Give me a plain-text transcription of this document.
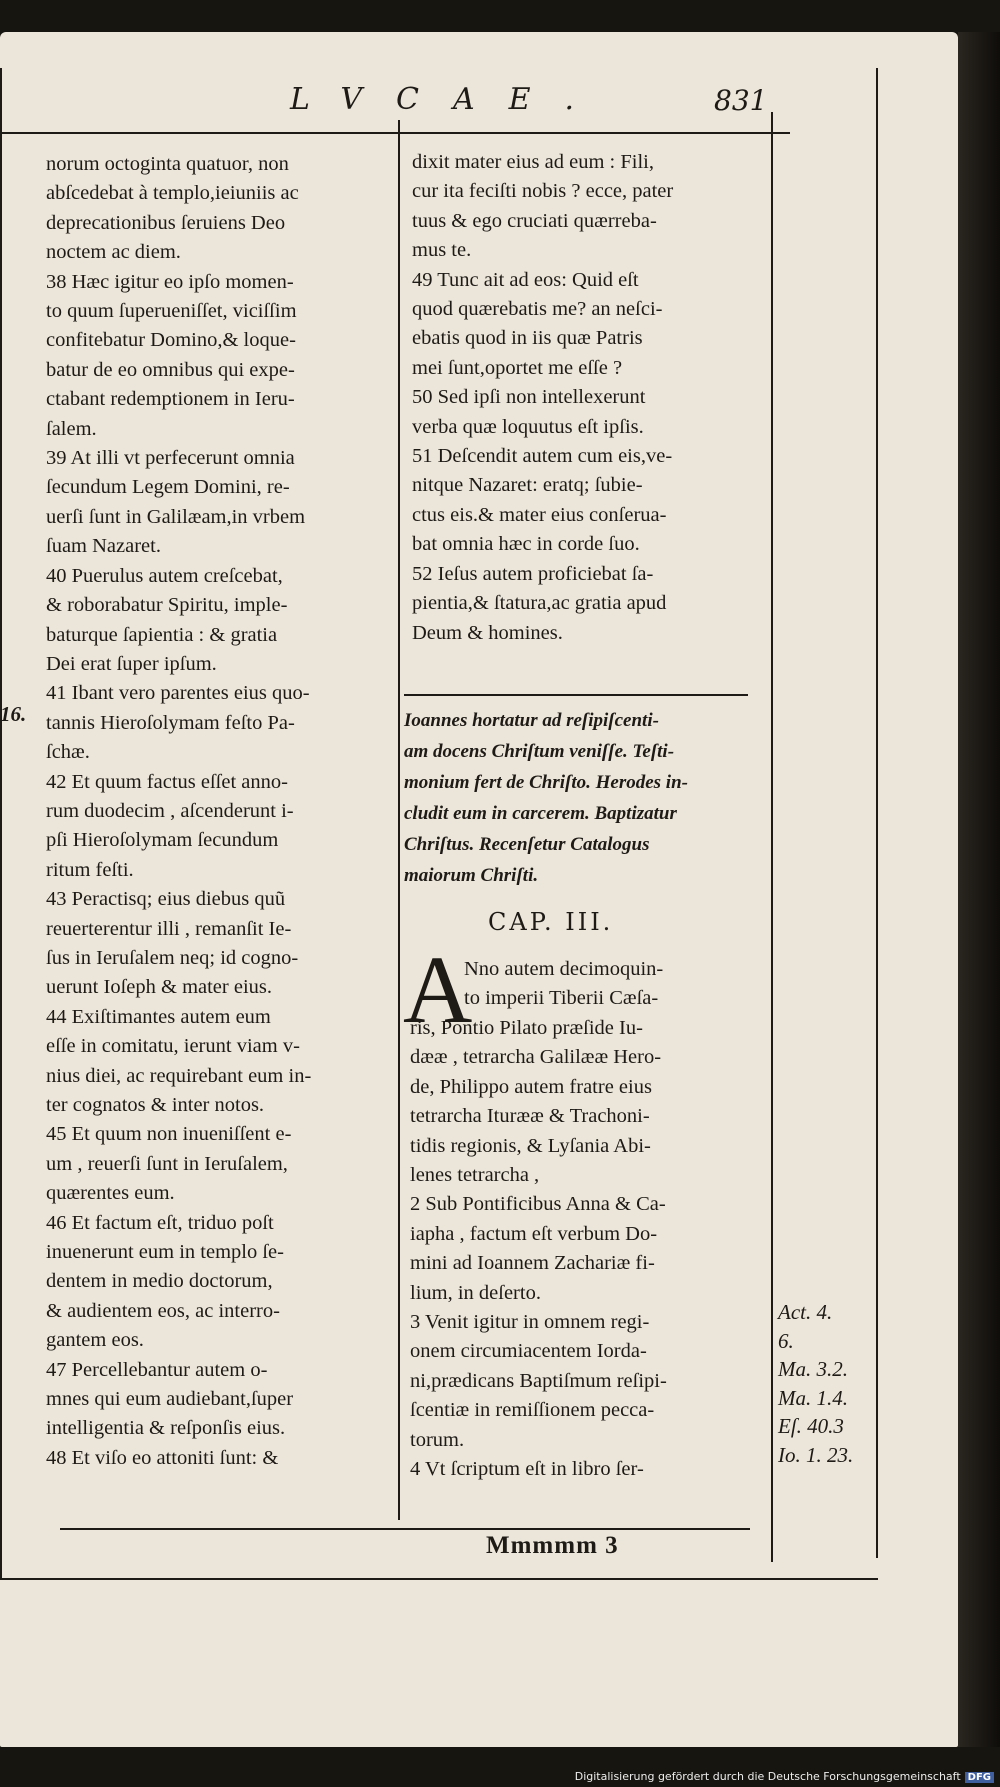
LVCAE.	831
16.

norum octoginta quatuor, non

abſcedebat à templo,ieiuniis ac

deprecationibus ſeruiens Deo

noctem ac diem.

38 Hæc igitur eo ipſo momen-

to quum ſuperueniſſet, viciſſim

confitebatur Domino,& loque-

batur de eo omnibus qui expe-

ctabant redemptionem in Ieru-

ſalem.

39 At illi vt perfecerunt omnia

ſecundum Legem Domini, re-

uerſi ſunt in Galilæam,in vrbem

ſuam Nazaret.

40 Puerulus autem creſcebat,

& roborabatur Spiritu, imple-

baturque ſapientia : & gratia

Dei erat ſuper ipſum.

41 Ibant vero parentes eius quo-

tannis Hieroſolymam feſto Pa-

ſchæ.

42 Et quum factus eſſet anno-

rum duodecim , aſcenderunt i-

pſi Hieroſolymam ſecundum

ritum feſti.

43 Peractisq; eius diebus quũ

reuerterentur illi , remanſit Ie-

ſus in Ieruſalem neq; id cogno-

uerunt Ioſeph & mater eius.

44 Exiſtimantes autem eum

eſſe in comitatu, ierunt viam v-

nius diei, ac requirebant eum in-

ter cognatos & inter notos.

45 Et quum non inueniſſent e-

um , reuerſi ſunt in Ieruſalem,

quærentes eum.

46 Et factum eſt, triduo poſt

inuenerunt eum in templo ſe-

dentem in medio doctorum,

& audientem eos, ac interro-

gantem eos.

47 Percellebantur autem o-

mnes qui eum audiebant,ſuper

intelligentia & reſponſis eius.

48 Et viſo eo attoniti ſunt: &

dixit mater eius ad eum : Fili,

cur ita feciſti nobis ? ecce, pater

tuus & ego cruciati quærreba-

mus te.

49 Tunc ait ad eos: Quid eſt

quod quærebatis me? an neſci-

ebatis quod in iis quæ Patris

mei ſunt,oportet me eſſe ?

50 Sed ipſi non intellexerunt

verba quæ loquutus eſt ipſis.

51 Deſcendit autem cum eis,ve-

nitque Nazaret: eratq; ſubie-

ctus eis.& mater eius conſerua-

bat omnia hæc in corde ſuo.

52 Ieſus autem proficiebat ſa-

pientia,& ſtatura,ac gratia apud

Deum & homines.

Ioannes hortatur ad reſipiſcenti-

am docens Chriſtum veniſſe. Teſti-

monium fert de Chriſto. Herodes in-

cludit eum in carcerem. Baptizatur

Chriſtus. Recenſetur Catalogus

maiorum Chriſti.

CAP. III.
A

Nno autem decimoquin-

to imperii Tiberii Cæſa-

ris, Pontio Pilato præſide Iu-

dææ , tetrarcha Galilææ Hero-

de, Philippo autem fratre eius

tetrarcha Iturææ & Trachoni-

tidis regionis, & Lyſania Abi-

lenes tetrarcha ,

2 Sub Pontificibus Anna & Ca-

iapha , factum eſt verbum Do-

mini ad Ioannem Zachariæ fi-

lium, in deſerto.

3 Venit igitur in omnem regi-

onem circumiacentem Iorda-

ni,prædicans Baptiſmum reſipi-

ſcentiæ in remiſſionem pecca-

torum.

4 Vt ſcriptum eſt in libro ſer-

Act. 4.

6.

Ma. 3.2.

Ma. 1.4.

Eſ. 40.3

Io. 1. 23.

Mmmmm 3
Digitalisierung gefördert durch die Deutsche Forschungsgemeinschaft DFG
